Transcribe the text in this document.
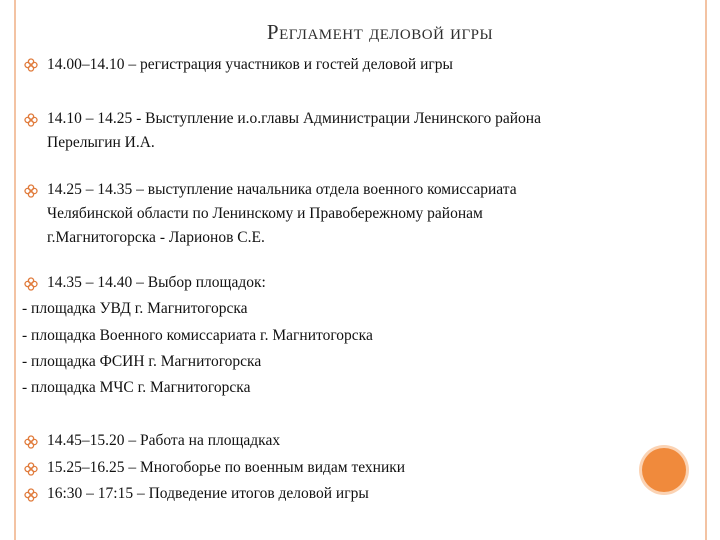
Регламент деловой игры
14.00–14.10 – регистрация участников и гостей деловой игры
14.10 – 14.25 - Выступление и.о.главы Администрации Ленинского района
Перелыгин И.А.
14.25 – 14.35 – выступление начальника отдела военного комиссариата
Челябинской области по Ленинскому и Правобережному районам
г.Магнитогорска - Ларионов С.Е.
14.35 – 14.40 – Выбор площадок:
- площадка УВД г. Магнитогорска
- площадка Военного комиссариата г. Магнитогорска
- площадка ФСИН г. Магнитогорска
- площадка МЧС г. Магнитогорска
14.45–15.20 – Работа на площадках
15.25–16.25 – Многоборье по военным видам техники
16:30 – 17:15 – Подведение итогов деловой игры
